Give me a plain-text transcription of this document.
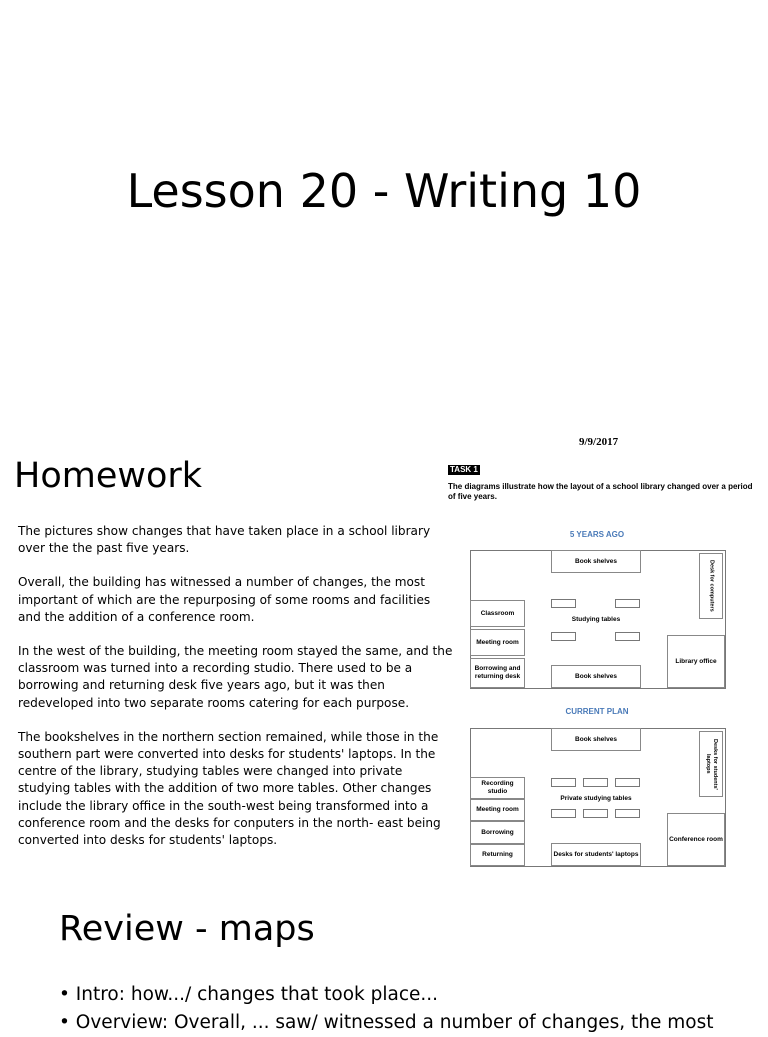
Lesson 20 - Writing 10
Homework

The pictures show changes that have taken place in a school library over the the past five years.

Overall, the building has witnessed a number of changes, the most important of which are the repurposing of some rooms and facilities and the addition of a conference room.

In the west of the building, the meeting room stayed the same, and the classroom was turned into a recording studio. There used to be a borrowing and returning desk five years ago, but it was then redeveloped into two separate rooms catering for each purpose.

The bookshelves in the northern section remained, while those in the southern part were converted into desks for students' laptops. In the centre of the library, studying tables were changed into private studying tables with the addition of two more tables. Other changes include the library office in the south-west being transformed into a conference room and the desks for conputers in the north- east being converted into desks for students' laptops.

9/9/2017
TASK 1
The diagrams illustrate how the layout of a school library changed over a period of five years.
5 YEARS AGO
Book shelves
Studying tables
Book shelves
Classroom
Meeting room
Borrowing and returning desk
Library office
Desk for computers
CURRENT PLAN
Book shelves
Private studying tables
Desks for students' laptops
Recording studio
Meeting room
Borrowing
Returning
Conference room
Desks for students' laptops
Review - maps
• Intro: how.../ changes that took place...
• Overview: Overall, ... saw/ witnessed a number of changes, the most
